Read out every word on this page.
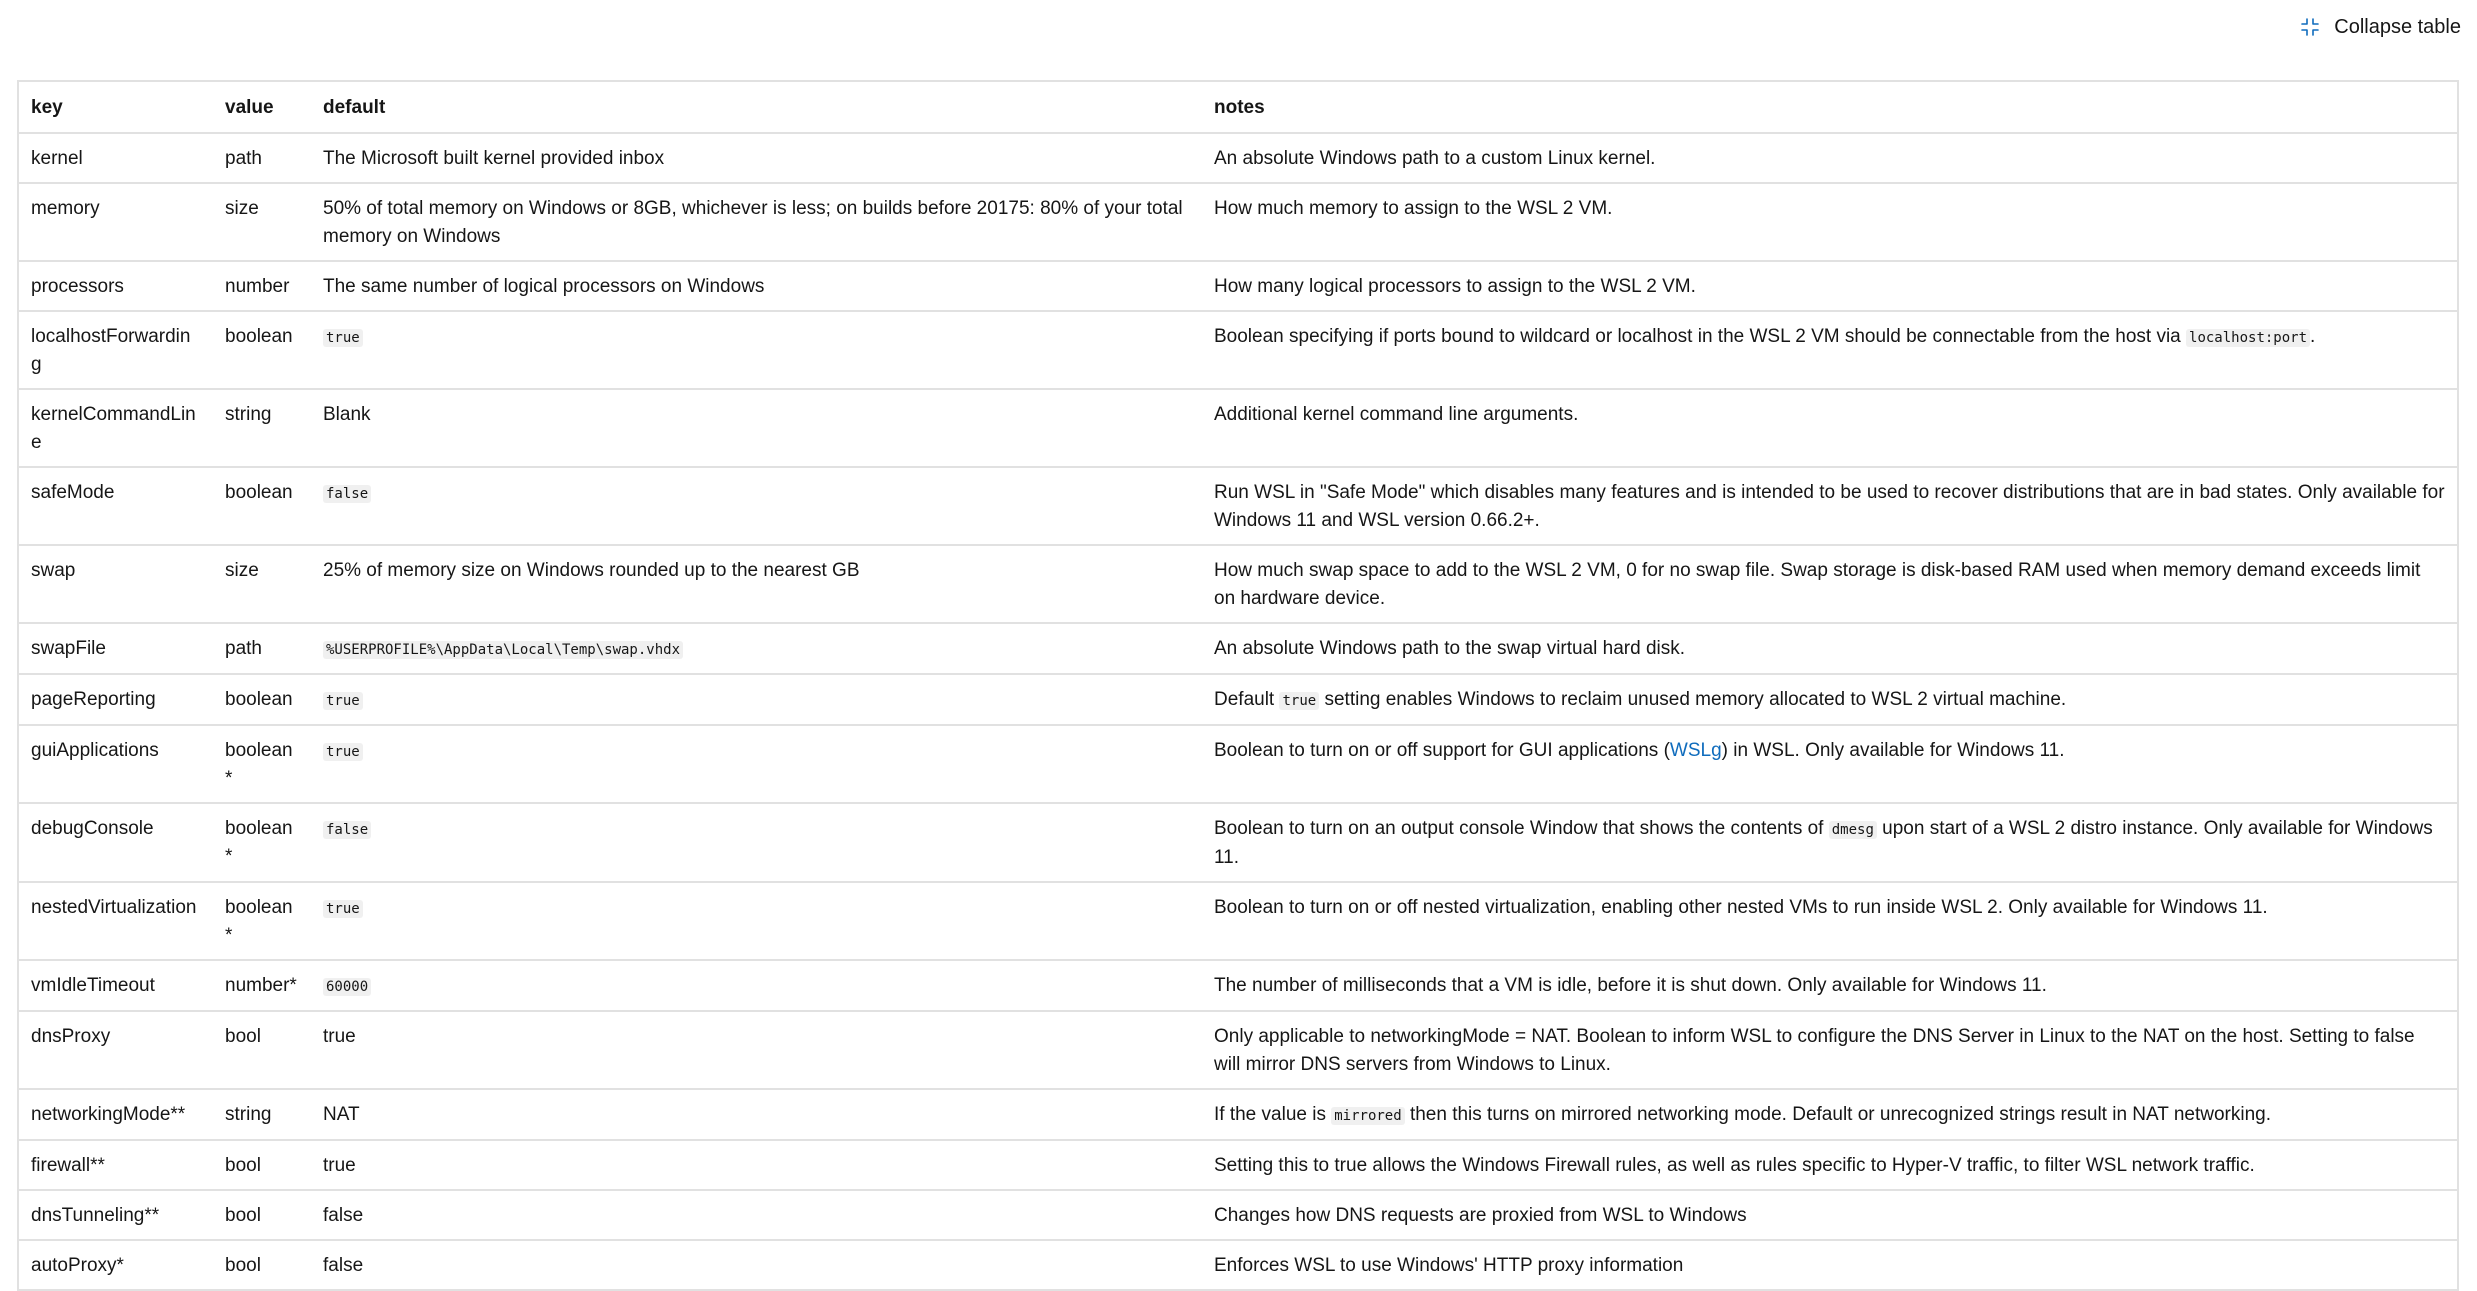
Collapse table
key	value	default	notes
kernel	path	The Microsoft built kernel provided inbox	An absolute Windows path to a custom Linux kernel.
memory	size	50% of total memory on Windows or 8GB, whichever is less; on builds before 20175: 80% of your total memory on Windows	How much memory to assign to the WSL 2 VM.
processors	number	The same number of logical processors on Windows	How many logical processors to assign to the WSL 2 VM.
localhostForwarding	boolean	true	Boolean specifying if ports bound to wildcard or localhost in the WSL 2 VM should be connectable from the host via localhost:port .
kernelCommandLine	string	Blank	Additional kernel command line arguments.
safeMode	boolean	false	Run WSL in "Safe Mode" which disables many features and is intended to be used to recover distributions that are in bad states. Only available for Windows 11 and WSL version 0.66.2+.
swap	size	25% of memory size on Windows rounded up to the nearest GB	How much swap space to add to the WSL 2 VM, 0 for no swap file. Swap storage is disk-based RAM used when memory demand exceeds limit on hardware device.
swapFile	path	%USERPROFILE%\AppData\Local\Temp\swap.vhdx	An absolute Windows path to the swap virtual hard disk.
pageReporting	boolean	true	Default true setting enables Windows to reclaim unused memory allocated to WSL 2 virtual machine.
guiApplications	boolean*	true	Boolean to turn on or off support for GUI applications (WSLg) in WSL. Only available for Windows 11.
debugConsole	boolean*	false	Boolean to turn on an output console Window that shows the contents of dmesg upon start of a WSL 2 distro instance. Only available for Windows 11.
nestedVirtualization	boolean*	true	Boolean to turn on or off nested virtualization, enabling other nested VMs to run inside WSL 2. Only available for Windows 11.
vmIdleTimeout	number*	60000	The number of milliseconds that a VM is idle, before it is shut down. Only available for Windows 11.
dnsProxy	bool	true	Only applicable to networkingMode = NAT. Boolean to inform WSL to configure the DNS Server in Linux to the NAT on the host. Setting to false will mirror DNS servers from Windows to Linux.
networkingMode**	string	NAT	If the value is mirrored then this turns on mirrored networking mode. Default or unrecognized strings result in NAT networking.
firewall**	bool	true	Setting this to true allows the Windows Firewall rules, as well as rules specific to Hyper-V traffic, to filter WSL network traffic.
dnsTunneling**	bool	false	Changes how DNS requests are proxied from WSL to Windows
autoProxy*	bool	false	Enforces WSL to use Windows' HTTP proxy information
